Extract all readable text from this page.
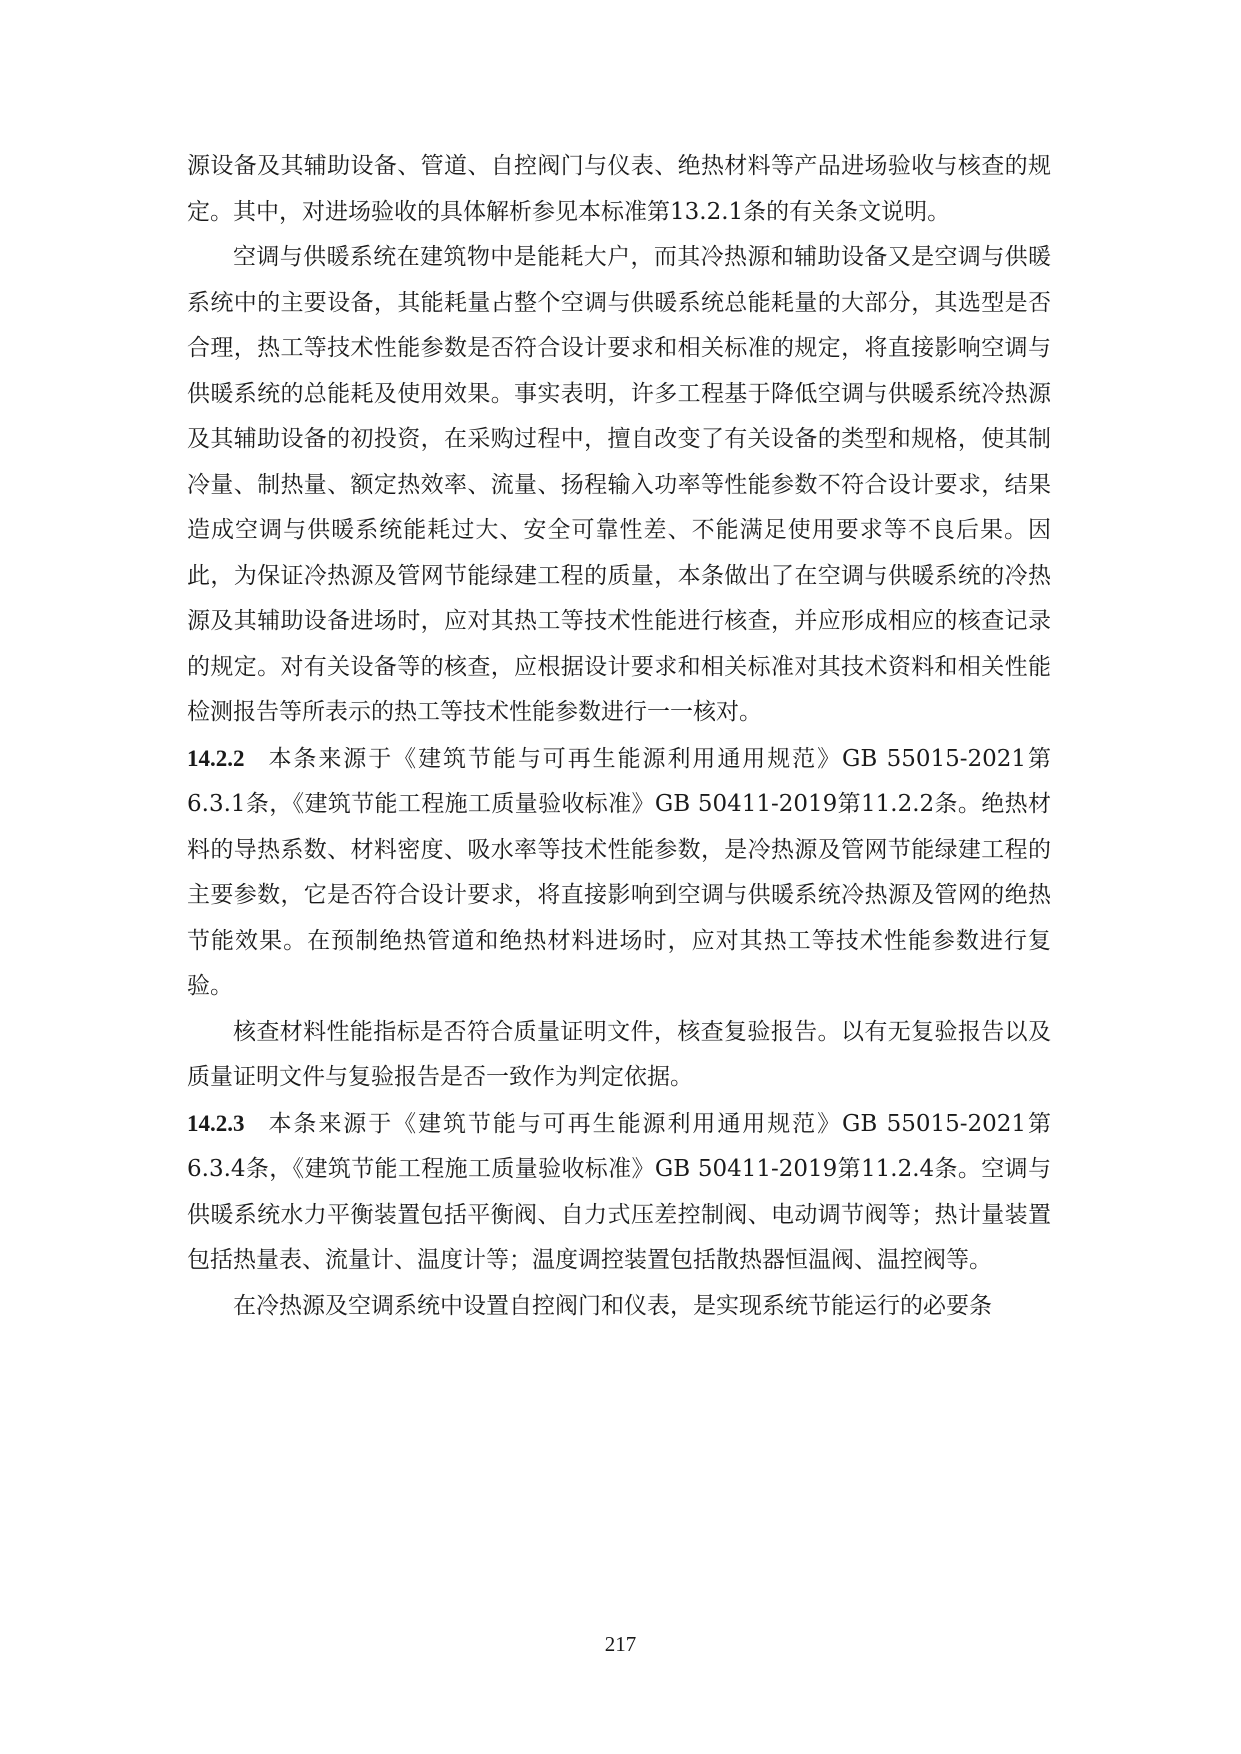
源设备及其辅助设备、管道、自控阀门与仪表、绝热材料等产品进场验收与核查的规定。其中，对进场验收的具体解析参见本标准第13.2.1条的有关条文说明。

空调与供暖系统在建筑物中是能耗大户，而其冷热源和辅助设备又是空调与供暖系统中的主要设备，其能耗量占整个空调与供暖系统总能耗量的大部分，其选型是否合理，热工等技术性能参数是否符合设计要求和相关标准的规定，将直接影响空调与供暖系统的总能耗及使用效果。事实表明，许多工程基于降低空调与供暖系统冷热源及其辅助设备的初投资，在采购过程中，擅自改变了有关设备的类型和规格，使其制冷量、制热量、额定热效率、流量、扬程输入功率等性能参数不符合设计要求，结果造成空调与供暖系统能耗过大、安全可靠性差、不能满足使用要求等不良后果。因此，为保证冷热源及管网节能绿建工程的质量，本条做出了在空调与供暖系统的冷热源及其辅助设备进场时，应对其热工等技术性能进行核查，并应形成相应的核查记录的规定。对有关设备等的核查，应根据设计要求和相关标准对其技术资料和相关性能检测报告等所表示的热工等技术性能参数进行一一核对。

14.2.2 本条来源于《建筑节能与可再生能源利用通用规范》GB 55015-2021第6.3.1条，《建筑节能工程施工质量验收标准》GB 50411-2019第11.2.2条。绝热材料的导热系数、材料密度、吸水率等技术性能参数，是冷热源及管网节能绿建工程的主要参数，它是否符合设计要求，将直接影响到空调与供暖系统冷热源及管网的绝热节能效果。在预制绝热管道和绝热材料进场时，应对其热工等技术性能参数进行复验。

核查材料性能指标是否符合质量证明文件，核查复验报告。以有无复验报告以及质量证明文件与复验报告是否一致作为判定依据。

14.2.3 本条来源于《建筑节能与可再生能源利用通用规范》GB 55015-2021第6.3.4条，《建筑节能工程施工质量验收标准》GB 50411-2019第11.2.4条。空调与供暖系统水力平衡装置包括平衡阀、自力式压差控制阀、电动调节阀等；热计量装置包括热量表、流量计、温度计等；温度调控装置包括散热器恒温阀、温控阀等。

在冷热源及空调系统中设置自控阀门和仪表，是实现系统节能运行的必要条

217
